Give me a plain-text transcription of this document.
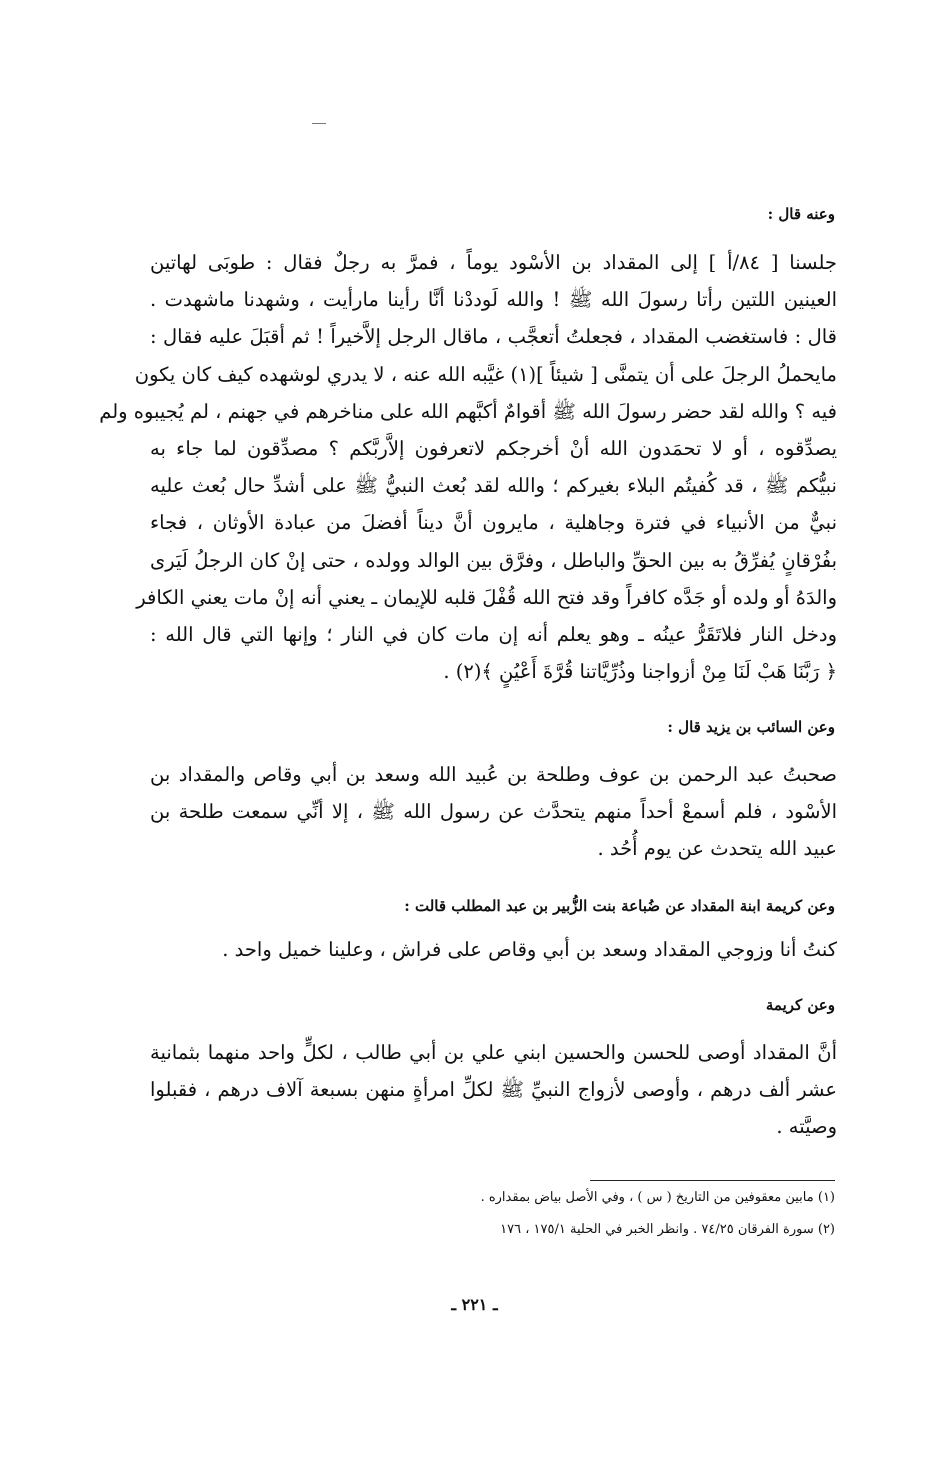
وعنه قال :
جلسنا [ ٨٤/أ ] إلى المقداد بن الأسْود يوماً ، فمرَّ به رجلٌ فقال : طوبَى لهاتين
العينين اللتين رأتا رسولَ الله ﷺ ! والله لَوددْنا أنَّا رأينا مارأيت ، وشهدنا ماشهدت .
قال : فاستغضب المقداد ، فجعلتُ أتعجَّب ، ماقال الرجل إلاَّخيراً ! ثم أقبَلَ عليه فقال :
مايحملُ الرجلَ على أن يتمنَّى [ شيئاً ](١) غيَّبه الله عنه ، لا يدري لوشهده كيف كان يكون
فيه ؟ والله لقد حضر رسولَ الله ﷺ أقوامٌ أكبَّهم الله على مناخرهم في جهنم ، لم يُجيبوه ولم
يصدِّقوه ، أو لا تحمَدون الله أنْ أخرجكم لاتعرفون إلاَّربَّكم ؟ مصدِّقون لما جاء به
نبيُّكم ﷺ ، قد كُفيتُم البلاء بغيركم ؛ والله لقد بُعث النبيُّ ﷺ على أشدِّ حال بُعث عليه
نبيٌّ من الأنبياء في فترة وجاهلية ، مايرون أنَّ ديناً أفضلَ من عبادة الأوثان ، فجاء
بفُرْقانٍ يُفرِّقُ به بين الحقِّ والباطل ، وفرَّق بين الوالد وولده ، حتى إنْ كان الرجلُ لَيَرى
والدَهُ أو ولده أو جَدَّه كافراً وقد فتح الله قُفْلَ قلبه للإيمان ـ يعني أنه إنْ مات يعني الكافر
ودخل النار فلاتَقَرُّ عينُه ـ وهو يعلم أنه إن مات كان في النار ؛ وإنها التي قال الله :
﴿ رَبَّنَا هَبْ لَنَا مِنْ أزواجنا وذُرِّيَّاتنا قُرَّةَ أَعْيُنٍ ﴾(٢) .
وعن السائب بن يزيد قال :
صحبتُ عبد الرحمن بن عوف وطلحة بن عُبيد الله وسعد بن أبي وقاص والمقداد بن
الأسْود ، فلم أسمعْ أحداً منهم يتحدَّث عن رسول الله ﷺ ، إلا أنِّي سمعت طلحة بن
عبيد الله يتحدث عن يوم أُحُد .
وعن كريمة ابنة المقداد عن ضُباعة بنت الزُّبير بن عبد المطلب قالت :
كنتُ أنا وزوجي المقداد وسعد بن أبي وقاص على فراش ، وعلينا خميل واحد .
وعن كريمة
أنَّ المقداد أوصى للحسن والحسين ابني علي بن أبي طالب ، لكلٍّ واحد منهما بثمانية
عشر ألف درهم ، وأوصى لأزواج النبيِّ ﷺ لكلِّ امرأةٍ منهن بسبعة آلاف درهم ، فقبلوا
وصيَّته .
(١) مابين معقوفين من التاريخ ( س ) ، وفي الأصل بياض بمقداره .
(٢) سورة الفرقان ٧٤/٢٥ . وانظر الخبر في الحلية ١٧٥/١ ، ١٧٦
ـ ٢٢١ ـ
